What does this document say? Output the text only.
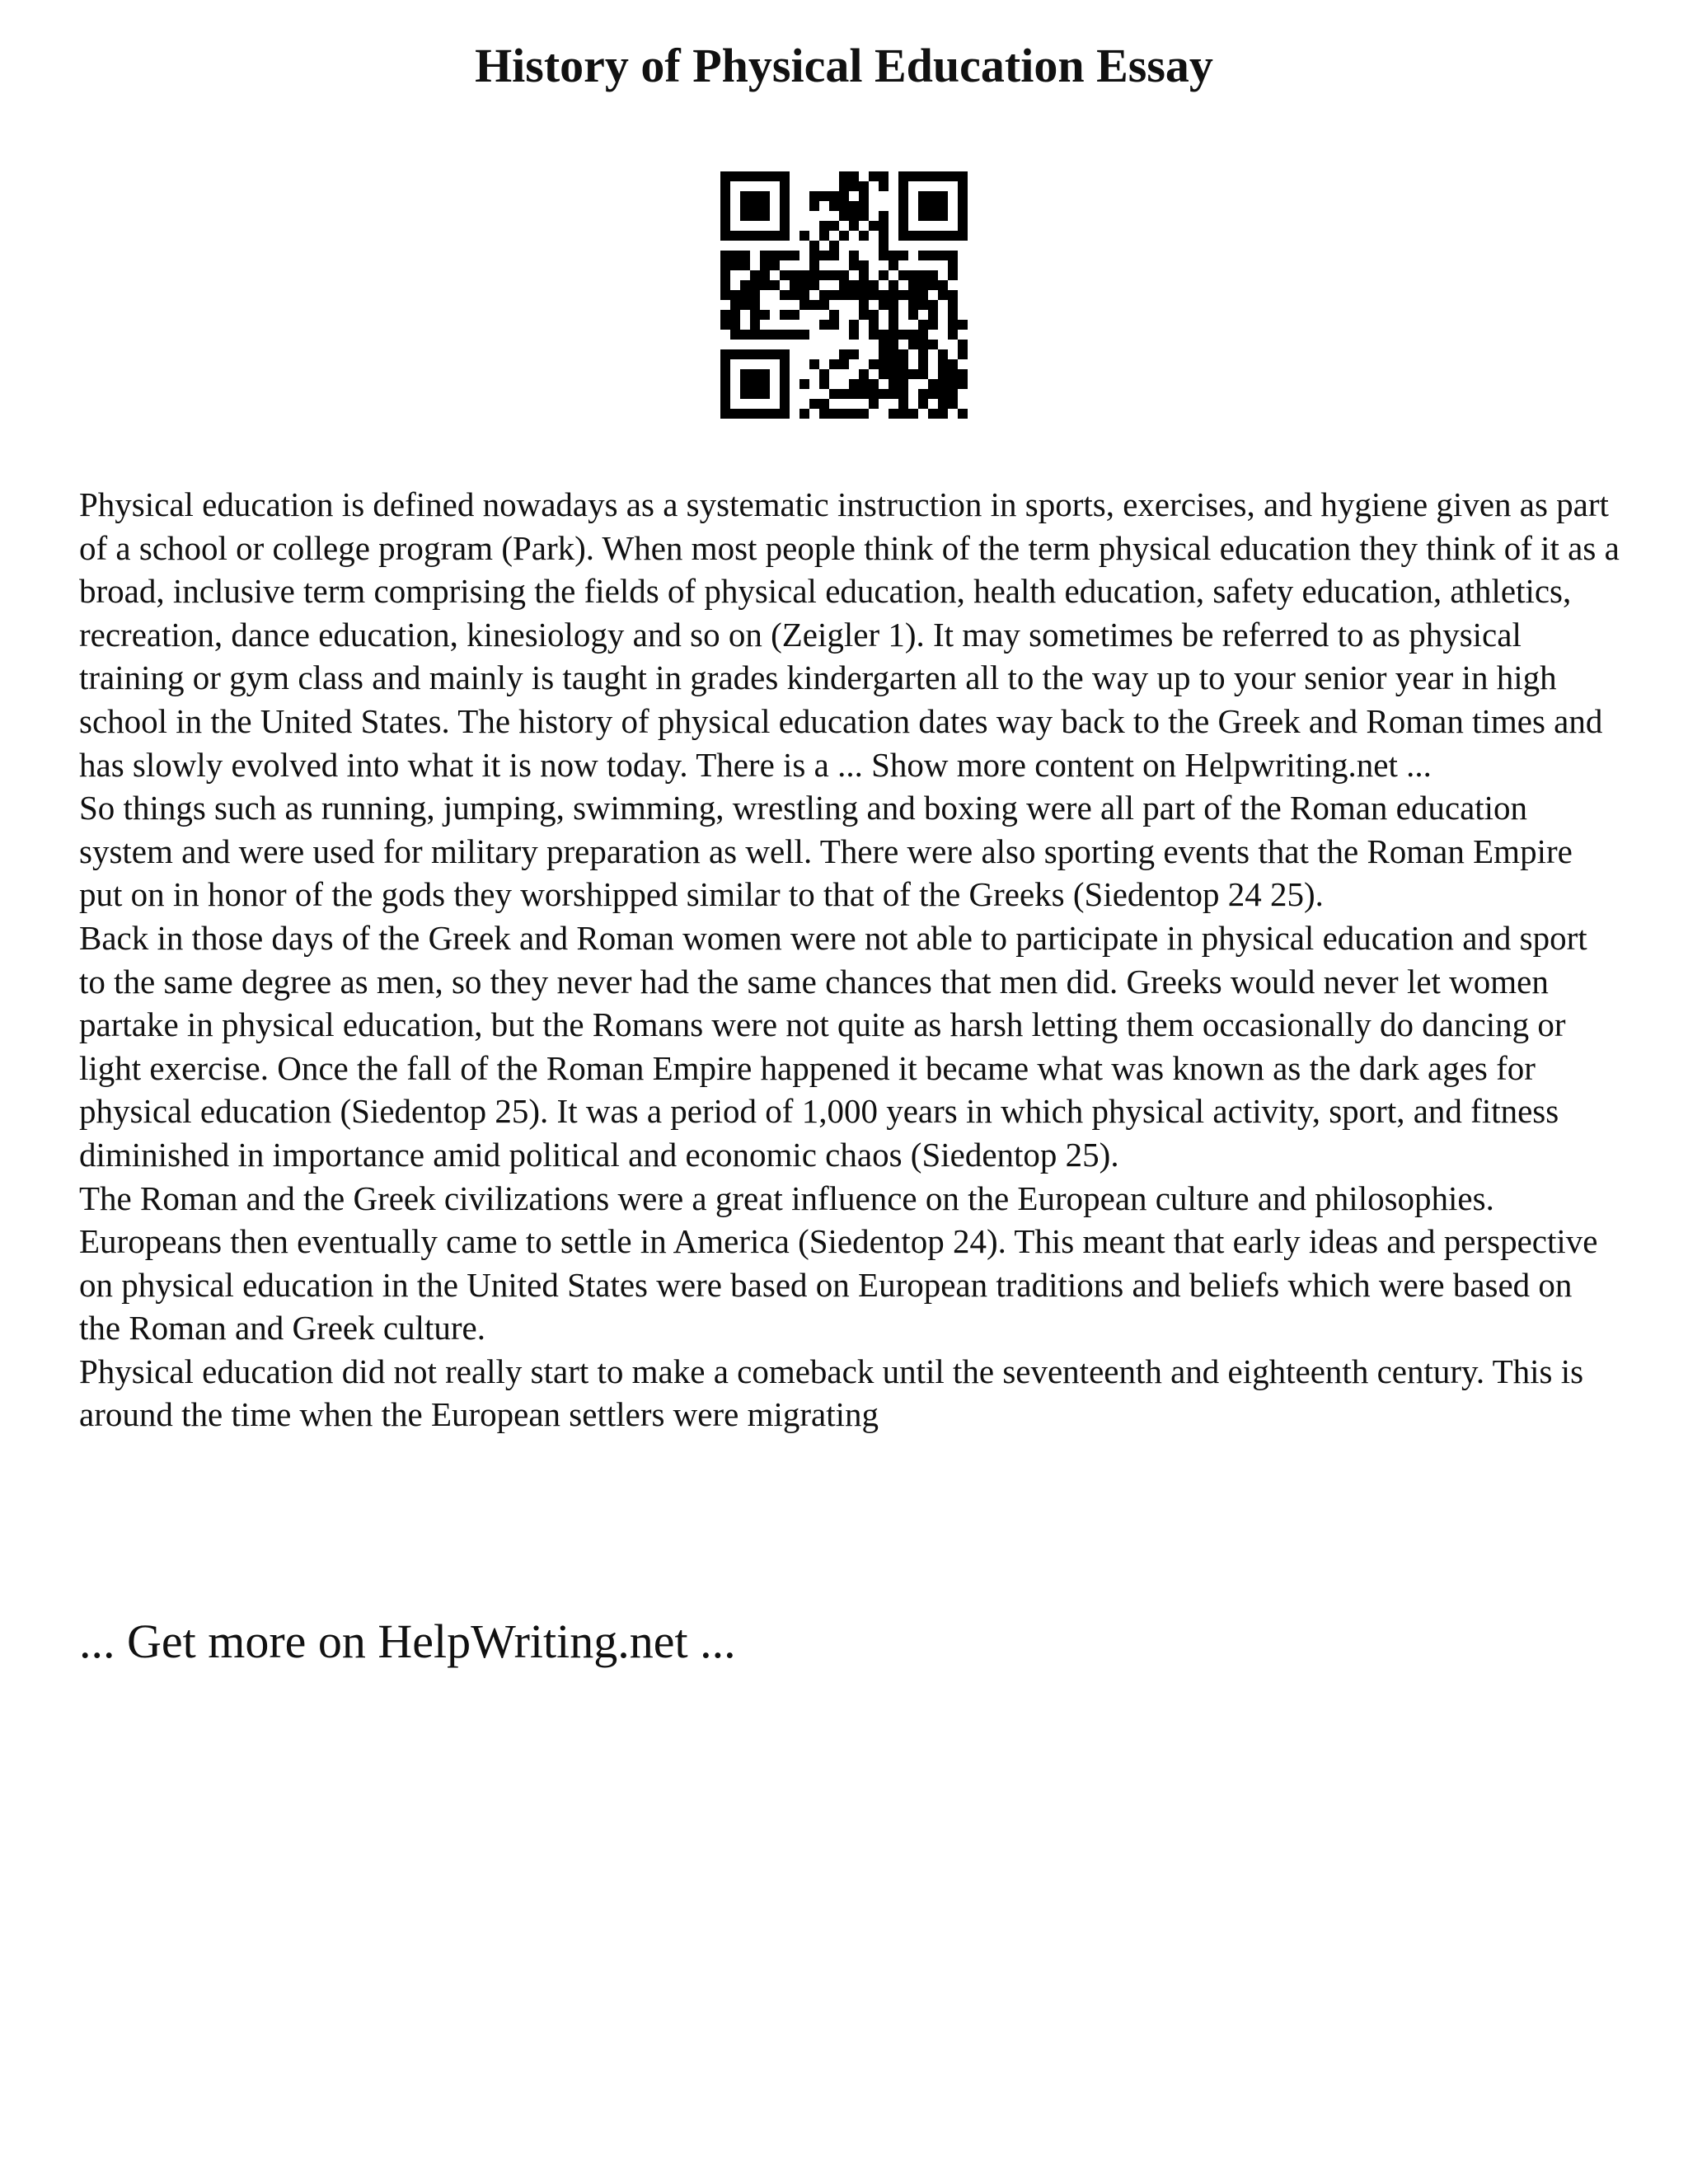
History of Physical Education Essay

Physical education is defined nowadays as a systematic instruction in sports, exercises, and hygiene given as part of a school or college program (Park). When most people think of the term physical education they think of it as a broad, inclusive term comprising the fields of physical education, health education, safety education, athletics, recreation, dance education, kinesiology and so on (Zeigler 1). It may sometimes be referred to as physical training or gym class and mainly is taught in grades kindergarten all to the way up to your senior year in high school in the United States. The history of physical education dates way back to the Greek and Roman times and has slowly evolved into what it is now today. There is a ... Show more content on Helpwriting.net ...

So things such as running, jumping, swimming, wrestling and boxing were all part of the Roman education system and were used for military preparation as well. There were also sporting events that the Roman Empire put on in honor of the gods they worshipped similar to that of the Greeks (Siedentop 24 25).

Back in those days of the Greek and Roman women were not able to participate in physical education and sport to the same degree as men, so they never had the same chances that men did. Greeks would never let women partake in physical education, but the Romans were not quite as harsh letting them occasionally do dancing or light exercise. Once the fall of the Roman Empire happened it became what was known as the dark ages for physical education (Siedentop 25). It was a period of 1,000 years in which physical activity, sport, and fitness diminished in importance amid political and economic chaos (Siedentop 25).

The Roman and the Greek civilizations were a great influence on the European culture and philosophies. Europeans then eventually came to settle in America (Siedentop 24). This meant that early ideas and perspective on physical education in the United States were based on European traditions and beliefs which were based on the Roman and Greek culture.

Physical education did not really start to make a comeback until the seventeenth and eighteenth century. This is around the time when the European settlers were migrating

... Get more on HelpWriting.net ...
